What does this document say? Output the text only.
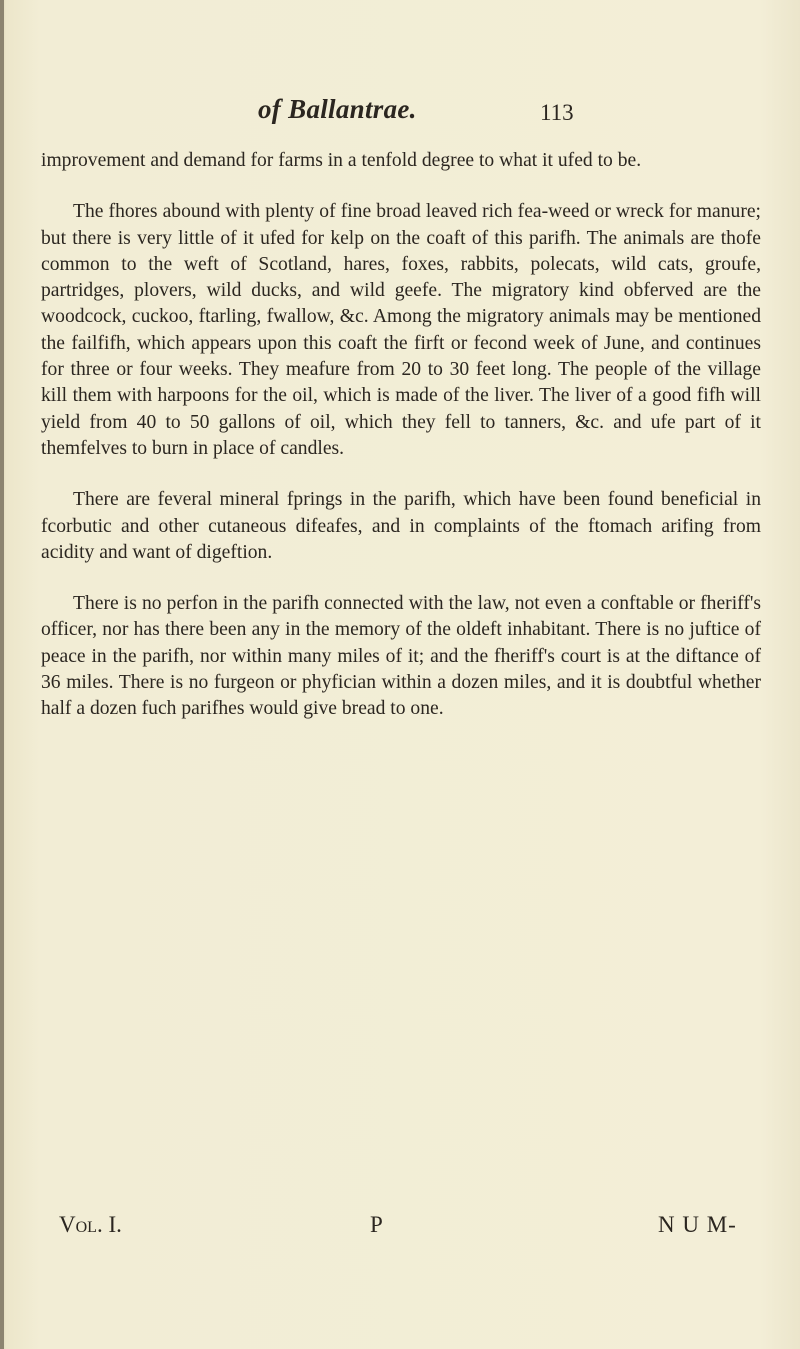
of Ballantrae.	113

improvement and demand for farms in a tenfold degree to what it ufed to be.

The fhores abound with plenty of fine broad leaved rich fea-weed or wreck for manure; but there is very little of it ufed for kelp on the coaft of this parifh. The animals are thofe common to the weft of Scotland, hares, foxes, rabbits, polecats, wild cats, groufe, partridges, plovers, wild ducks, and wild geefe. The migratory kind obferved are the woodcock, cuckoo, ftarling, fwallow, &c. Among the migratory animals may be mentioned the failfifh, which appears upon this coaft the firft or fecond week of June, and continues for three or four weeks. They meafure from 20 to 30 feet long. The people of the village kill them with harpoons for the oil, which is made of the liver. The liver of a good fifh will yield from 40 to 50 gallons of oil, which they fell to tanners, &c. and ufe part of it themfelves to burn in place of candles.

There are feveral mineral fprings in the parifh, which have been found beneficial in fcorbutic and other cutaneous difeafes, and in complaints of the ftomach arifing from acidity and want of digeftion.

There is no perfon in the parifh connected with the law, not even a conftable or fheriff's officer, nor has there been any in the memory of the oldeft inhabitant. There is no juftice of peace in the parifh, nor within many miles of it; and the fheriff's court is at the diftance of 36 miles. There is no furgeon or phyfician within a dozen miles, and it is doubtful whether half a dozen fuch parifhes would give bread to one.

Vol. I.	P	N U M-
